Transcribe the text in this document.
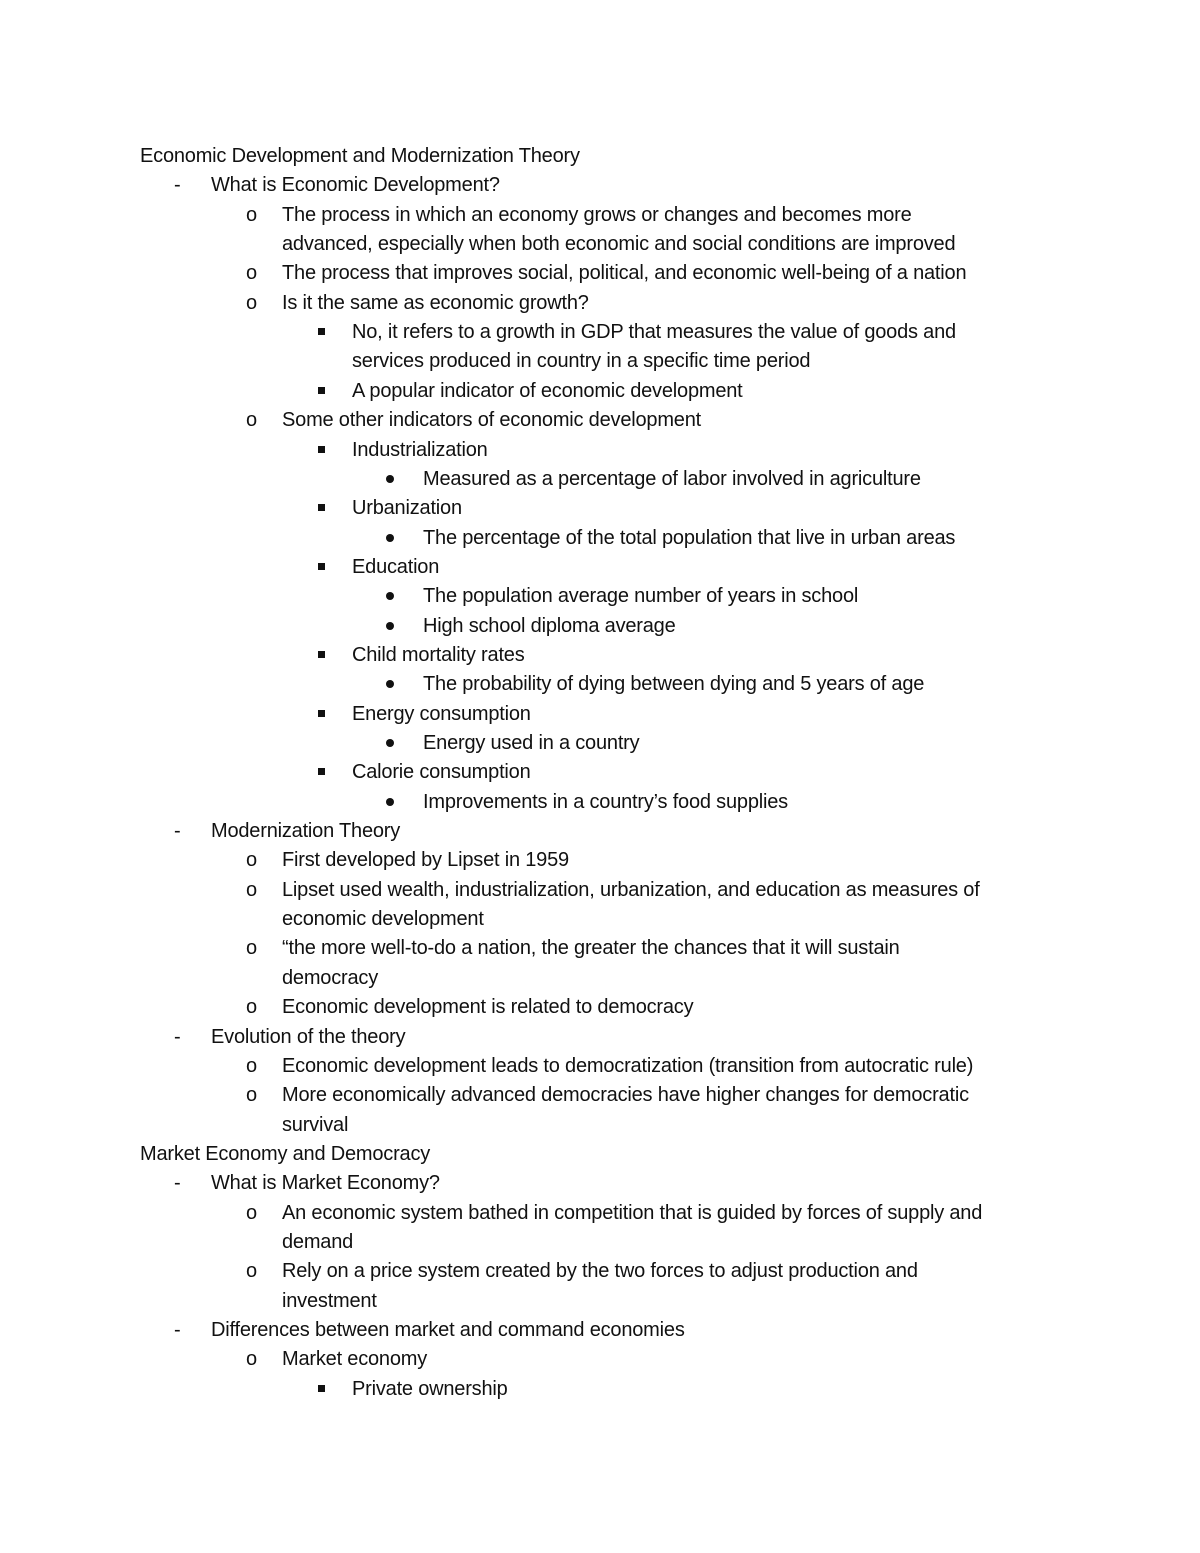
Economic Development and Modernization Theory
What is Economic Development?
-
The process in which an economy grows or changes and becomes more
o
advanced, especially when both economic and social conditions are improved
The process that improves social, political, and economic well-being of a nation
o
Is it the same as economic growth?
o
No, it refers to a growth in GDP that measures the value of goods and
services produced in country in a specific time period
A popular indicator of economic development
Some other indicators of economic development
o
Industrialization
Measured as a percentage of labor involved in agriculture
Urbanization
The percentage of the total population that live in urban areas
Education
The population average number of years in school
High school diploma average
Child mortality rates
The probability of dying between dying and 5 years of age
Energy consumption
Energy used in a country
Calorie consumption
Improvements in a country’s food supplies
Modernization Theory
-
First developed by Lipset in 1959
o
Lipset used wealth, industrialization, urbanization, and education as measures of
o
economic development
“the more well-to-do a nation, the greater the chances that it will sustain
o
democracy
Economic development is related to democracy
o
Evolution of the theory
-
Economic development leads to democratization (transition from autocratic rule)
o
More economically advanced democracies have higher changes for democratic
o
survival
Market Economy and Democracy
What is Market Economy?
-
An economic system bathed in competition that is guided by forces of supply and
o
demand
Rely on a price system created by the two forces to adjust production and
o
investment
Differences between market and command economies
-
Market economy
o
Private ownership
